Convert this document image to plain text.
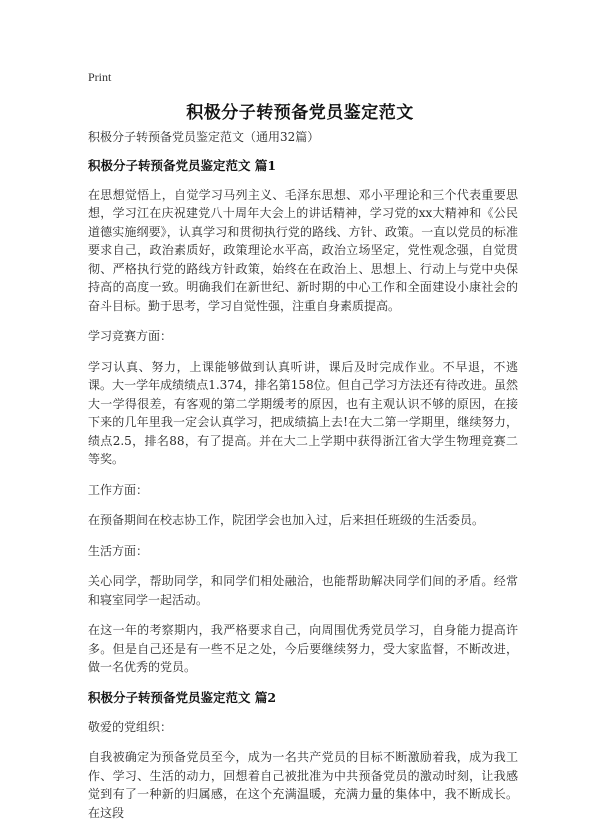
Print
积极分子转预备党员鉴定范文

积极分子转预备党员鉴定范文（通用32篇）

积极分子转预备党员鉴定范文 篇1

在思想觉悟上，自觉学习马列主义、毛泽东思想、邓小平理论和三个代表重要思想，学习江在庆祝建党八十周年大会上的讲话精神，学习党的xx大精神和《公民道德实施纲要》，认真学习和贯彻执行党的路线、方针、政策。一直以党员的标准要求自己，政治素质好，政策理论水平高，政治立场坚定，党性观念强，自觉贯彻、严格执行党的路线方针政策，始终在在政治上、思想上、行动上与党中央保持高的高度一致。明确我们在新世纪、新时期的中心工作和全面建设小康社会的奋斗目标。勤于思考，学习自觉性强，注重自身素质提高。

学习竞赛方面：

学习认真、努力，上课能够做到认真听讲，课后及时完成作业。不早退，不逃课。大一学年成绩绩点1.374，排名第158位。但自己学习方法还有待改进。虽然大一学得很差，有客观的第二学期缓考的原因，也有主观认识不够的原因，在接下来的几年里我一定会认真学习，把成绩搞上去!在大二第一学期里，继续努力，绩点2.5，排名88，有了提高。并在大二上学期中获得浙江省大学生物理竞赛二等奖。

工作方面：

在预备期间在校志协工作，院团学会也加入过，后来担任班级的生活委员。

生活方面：

关心同学，帮助同学，和同学们相处融洽，也能帮助解决同学们间的矛盾。经常和寝室同学一起活动。

在这一年的考察期内，我严格要求自己，向周围优秀党员学习，自身能力提高许多。但是自己还是有一些不足之处，今后要继续努力，受大家监督，不断改进，做一名优秀的党员。

积极分子转预备党员鉴定范文 篇2

敬爱的党组织：

自我被确定为预备党员至今，成为一名共产党员的目标不断激励着我，成为我工作、学习、生活的动力，回想着自己被批准为中共预备党员的激动时刻，让我感觉到有了一种新的归属感，在这个充满温暖，充满力量的集体中，我不断成长。在这段
